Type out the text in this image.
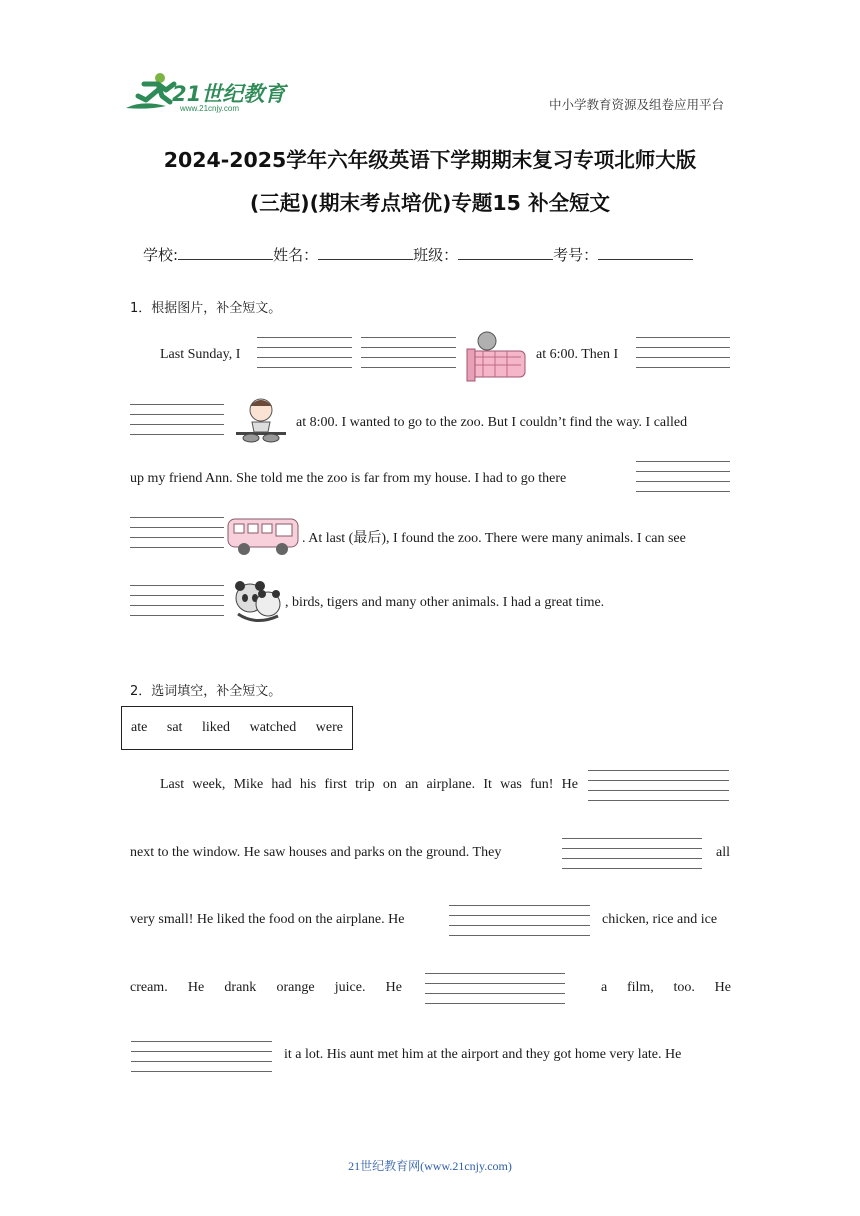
21世纪教育
www.21cnjy.com	中小学教育资源及组卷应用平台
2024-2025学年六年级英语下学期期末复习专项北师大版
(三起)(期末考点培优)专题15 补全短文
学校:	姓名：	班级：	考号：
1．根据图片，补全短文。
Last Sunday, I	at 6:00. Then I
at 8:00. I wanted to go to the zoo. But I couldn’t find the way. I called
up my friend Ann. She told me the zoo is far from my house. I had to go there
. At last (最后), I found the zoo. There were many animals. I can see
, birds, tigers and many other animals. I had a great time.
2．选词填空，补全短文。
ate sat liked watched were
Last week, Mike had his first trip on an airplane. It was fun! He
next to the window. He saw houses and parks on the ground. They	all
very small! He liked the food on the airplane. He	chicken, rice and ice
cream. He drank orange juice. He	a film, too. He
it a lot. His aunt met him at the airport and they got home very late. He
21世纪教育网(www.21cnjy.com)
